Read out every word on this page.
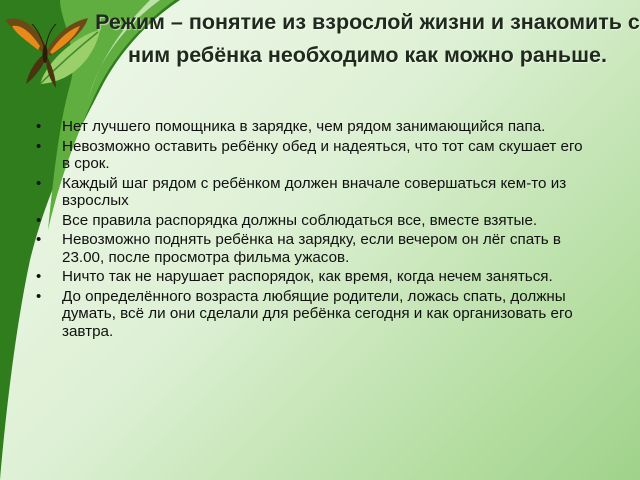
Режим – понятие из взрослой жизни и знакомить с ним ребёнка необходимо как можно раньше.
• Нет лучшего помощника в зарядке, чем рядом занимающийся папа.
• Невозможно оставить ребёнку обед и надеяться, что тот сам скушает его в срок.
• Каждый шаг рядом с ребёнком должен вначале совершаться кем-то из взрослых
• Все правила распорядка должны соблюдаться все, вместе взятые.
• Невозможно поднять ребёнка на зарядку, если вечером он лёг спать в 23.00, после просмотра фильма ужасов.
• Ничто так не нарушает распорядок, как время, когда нечем заняться.
• До определённого возраста любящие родители, ложась спать, должны думать, всё ли они сделали для ребёнка сегодня и как организовать его завтра.
